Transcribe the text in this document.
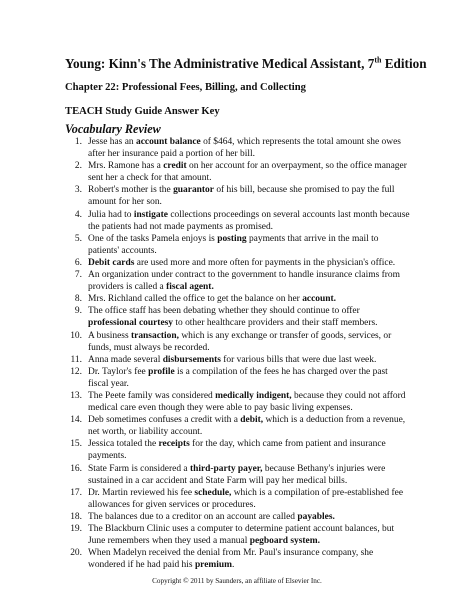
Young: Kinn's The Administrative Medical Assistant, 7th Edition
Chapter 22: Professional Fees, Billing, and Collecting
TEACH Study Guide Answer Key
Vocabulary Review
1. Jesse has an account balance of $464, which represents the total amount she owes
after her insurance paid a portion of her bill.
2. Mrs. Ramone has a credit on her account for an overpayment, so the office manager
sent her a check for that amount.
3. Robert's mother is the guarantor of his bill, because she promised to pay the full
amount for her son.
4. Julia had to instigate collections proceedings on several accounts last month because
the patients had not made payments as promised.
5. One of the tasks Pamela enjoys is posting payments that arrive in the mail to
patients' accounts.
6. Debit cards are used more and more often for payments in the physician's office.
7. An organization under contract to the government to handle insurance claims from
providers is called a fiscal agent.
8. Mrs. Richland called the office to get the balance on her account.
9. The office staff has been debating whether they should continue to offer
professional courtesy to other healthcare providers and their staff members.
10. A business transaction, which is any exchange or transfer of goods, services, or
funds, must always be recorded.
11. Anna made several disbursements for various bills that were due last week.
12. Dr. Taylor's fee profile is a compilation of the fees he has charged over the past
fiscal year.
13. The Peete family was considered medically indigent, because they could not afford
medical care even though they were able to pay basic living expenses.
14. Deb sometimes confuses a credit with a debit, which is a deduction from a revenue,
net worth, or liability account.
15. Jessica totaled the receipts for the day, which came from patient and insurance
payments.
16. State Farm is considered a third-party payer, because Bethany's injuries were
sustained in a car accident and State Farm will pay her medical bills.
17. Dr. Martin reviewed his fee schedule, which is a compilation of pre-established fee
allowances for given services or procedures.
18. The balances due to a creditor on an account are called payables.
19. The Blackburn Clinic uses a computer to determine patient account balances, but
June remembers when they used a manual pegboard system.
20. When Madelyn received the denial from Mr. Paul's insurance company, she
wondered if he had paid his premium.
Copyright © 2011 by Saunders, an affiliate of Elsevier Inc.
